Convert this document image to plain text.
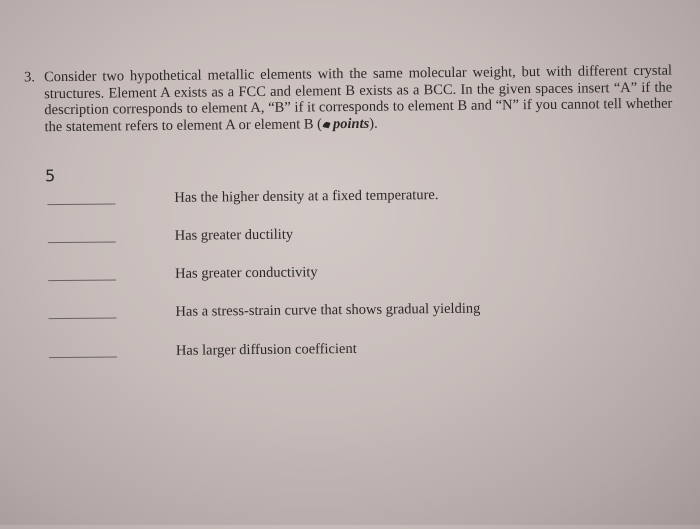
3. Consider two hypothetical metallic elements with the same molecular weight, but with different crystal structures. Element A exists as a FCC and element B exists as a BCC. In the given spaces insert “A” if the description corresponds to element A, “B” if it corresponds to element B and “N” if you cannot tell whether the statement refers to element A or element B ( points).
5
Has the higher density at a fixed temperature.
Has greater ductility
Has greater conductivity
Has a stress-strain curve that shows gradual yielding
Has larger diffusion coefficient
